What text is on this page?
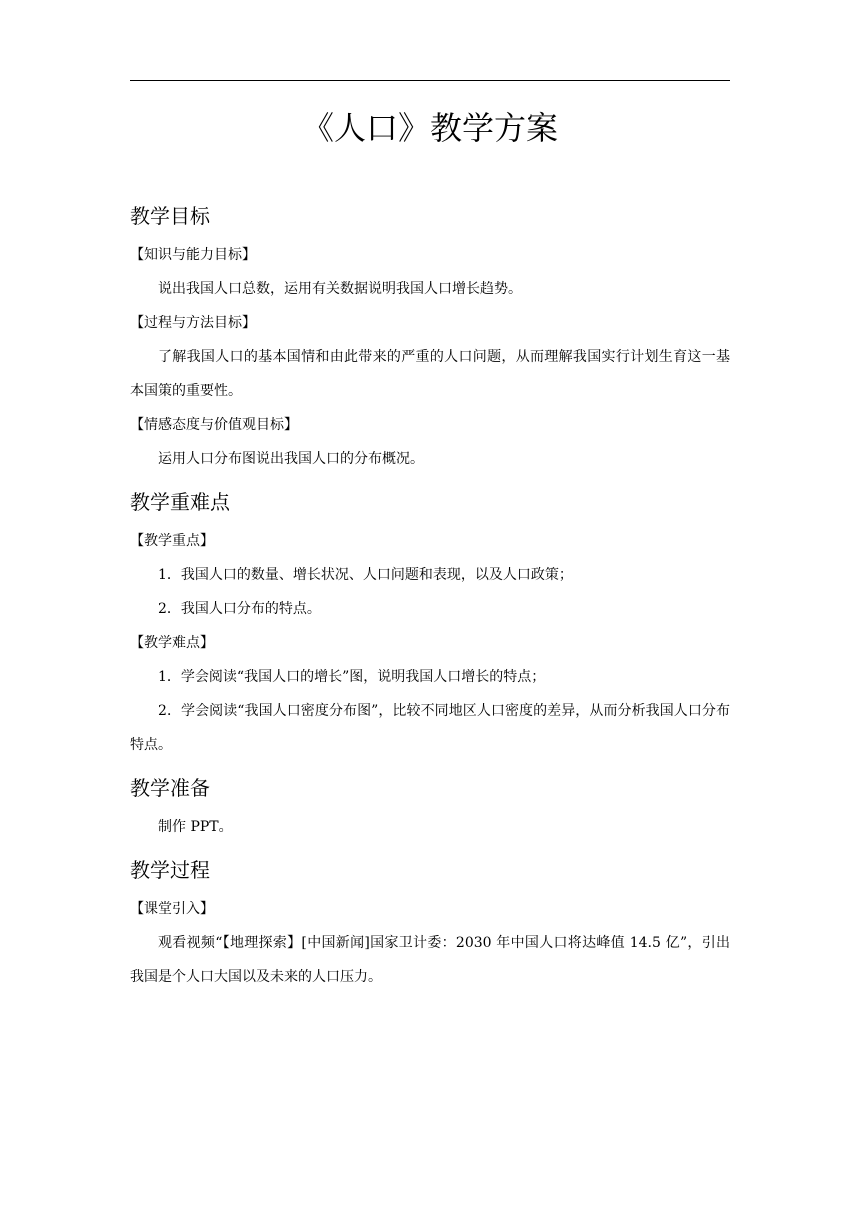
《人口》教学方案
教学目标

【知识与能力目标】

说出我国人口总数，运用有关数据说明我国人口增长趋势。

【过程与方法目标】

了解我国人口的基本国情和由此带来的严重的人口问题，从而理解我国实行计划生育这一基本国策的重要性。

【情感态度与价值观目标】

运用人口分布图说出我国人口的分布概况。

教学重难点

【教学重点】

1．我国人口的数量、增长状况、人口问题和表现，以及人口政策；

2．我国人口分布的特点。

【教学难点】

1．学会阅读“我国人口的增长”图，说明我国人口增长的特点；

2．学会阅读“我国人口密度分布图”，比较不同地区人口密度的差异，从而分析我国人口分布特点。

教学准备

制作 PPT。

教学过程

【课堂引入】

观看视频“【地理探索】[中国新闻]国家卫计委：2030 年中国人口将达峰值 14.5 亿”，引出我国是个人口大国以及未来的人口压力。
